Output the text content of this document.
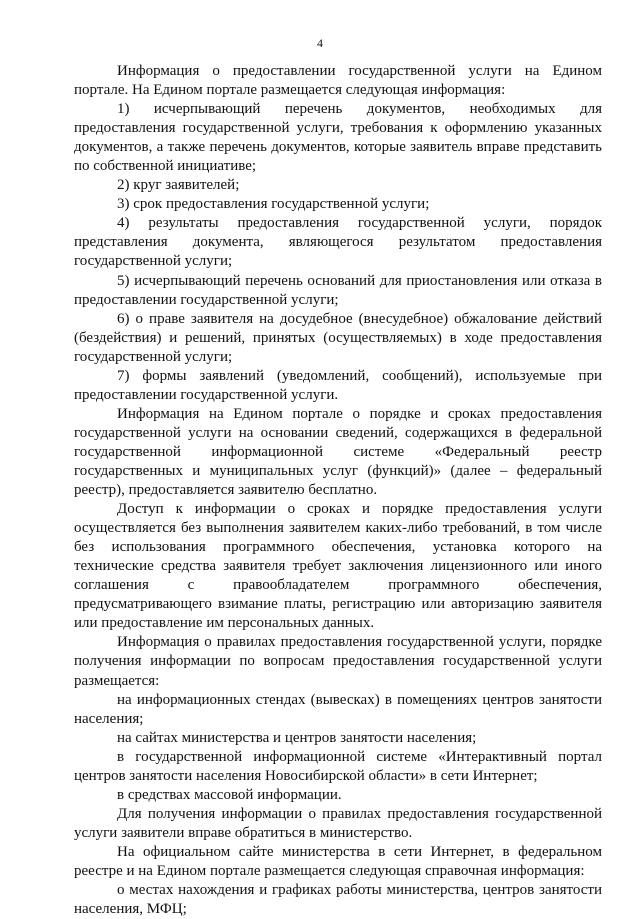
4

Информация о предоставлении государственной услуги на Едином портале. На Едином портале размещается следующая информация:

1) исчерпывающий перечень документов, необходимых для предоставления государственной услуги, требования к оформлению указанных документов, а также перечень документов, которые заявитель вправе представить по собственной инициативе;

2) круг заявителей;

3) срок предоставления государственной услуги;

4) результаты предоставления государственной услуги, порядок представления документа, являющегося результатом предоставления государственной услуги;

5) исчерпывающий перечень оснований для приостановления или отказа в предоставлении государственной услуги;

6) о праве заявителя на досудебное (внесудебное) обжалование действий (бездействия) и решений, принятых (осуществляемых) в ходе предоставления государственной услуги;

7) формы заявлений (уведомлений, сообщений), используемые при предоставлении государственной услуги.

Информация на Едином портале о порядке и сроках предоставления государственной услуги на основании сведений, содержащихся в федеральной государственной информационной системе «Федеральный реестр государственных и муниципальных услуг (функций)» (далее – федеральный реестр), предоставляется заявителю бесплатно.

Доступ к информации о сроках и порядке предоставления услуги осуществляется без выполнения заявителем каких-либо требований, в том числе без использования программного обеспечения, установка которого на технические средства заявителя требует заключения лицензионного или иного соглашения с правообладателем программного обеспечения, предусматривающего взимание платы, регистрацию или авторизацию заявителя или предоставление им персональных данных.

Информация о правилах предоставления государственной услуги, порядке получения информации по вопросам предоставления государственной услуги размещается:

на информационных стендах (вывесках) в помещениях центров занятости населения;

на сайтах министерства и центров занятости населения;

в государственной информационной системе «Интерактивный портал центров занятости населения Новосибирской области» в сети Интернет;

в средствах массовой информации.

Для получения информации о правилах предоставления государственной услуги заявители вправе обратиться в министерство.

На официальном сайте министерства в сети Интернет, в федеральном реестре и на Едином портале размещается следующая справочная информация:

о местах нахождения и графиках работы министерства, центров занятости населения, МФЦ;
